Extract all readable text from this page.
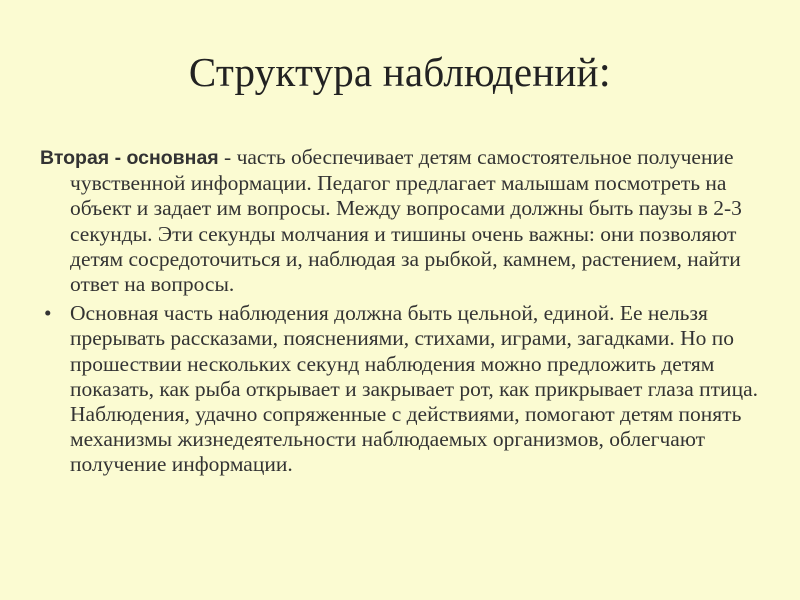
Структура наблюдений:

Вторая - основная - часть обеспечивает детям самостоятельное получение чувственной информации. Педагог предлагает малышам посмотреть на объект и задает им вопросы. Между вопросами должны быть паузы в 2-3 секунды. Эти секунды молчания и тишины очень важны: они позволяют детям сосредоточиться и, наблюдая за рыбкой, камнем, растением, найти ответ на вопросы.

• Основная часть наблюдения должна быть цельной, единой. Ее нельзя прерывать рассказами, пояснениями, стихами, играми, загадками. Но по прошествии нескольких секунд наблюдения можно предложить детям показать, как рыба открывает и закрывает рот, как прикрывает глаза птица. Наблюдения, удачно сопряженные с действиями, помогают детям понять механизмы жизнедеятельности наблюдаемых организмов, облегчают получение информации.
